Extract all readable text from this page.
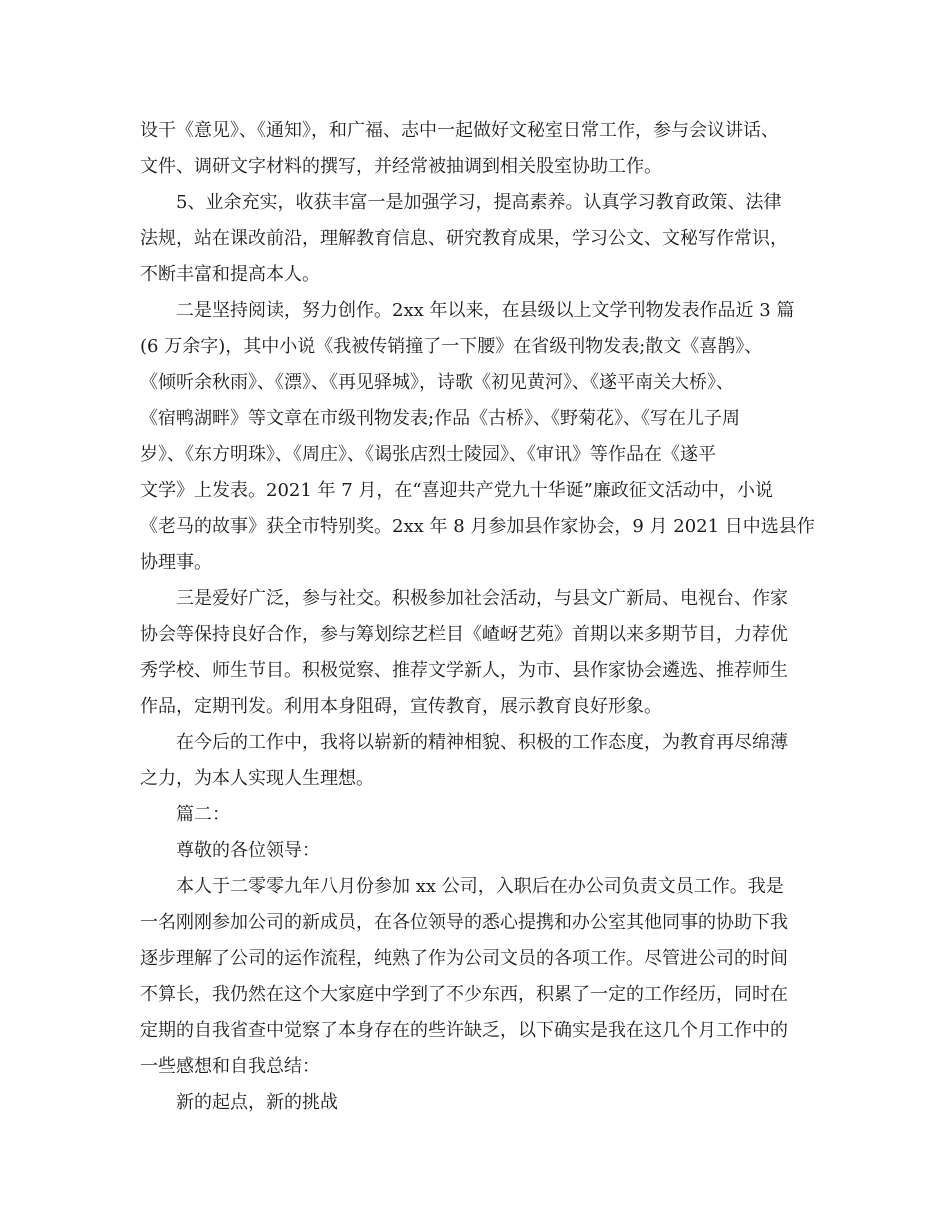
设干《意见》、《通知》，和广福、志中一起做好文秘室日常工作，参与会议讲话、

文件、调研文字材料的撰写，并经常被抽调到相关股室协助工作。

5、业余充实，收获丰富一是加强学习，提高素养。认真学习教育政策、法律

法规，站在课改前沿，理解教育信息、研究教育成果，学习公文、文秘写作常识，

不断丰富和提高本人。

二是坚持阅读，努力创作。2xx 年以来，在县级以上文学刊物发表作品近 3 篇

(6 万余字)，其中小说《我被传销撞了一下腰》在省级刊物发表;散文《喜鹊》、

《倾听余秋雨》、《漂》、《再见驿城》，诗歌《初见黄河》、《遂平南关大桥》、

《宿鸭湖畔》等文章在市级刊物发表;作品《古桥》、《野菊花》、《写在儿子周

岁》、《东方明珠》、《周庄》、《谒张店烈士陵园》、《审讯》等作品在《遂平

文学》上发表。2021 年 7 月，在“喜迎共产党九十华诞”廉政征文活动中，小说

《老马的故事》获全市特别奖。2xx 年 8 月参加县作家协会，9 月 2021 日中选县作

协理事。

三是爱好广泛，参与社交。积极参加社会活动，与县文广新局、电视台、作家

协会等保持良好合作，参与筹划综艺栏目《嵖岈艺苑》首期以来多期节目，力荐优

秀学校、师生节目。积极觉察、推荐文学新人，为市、县作家协会遴选、推荐师生

作品，定期刊发。利用本身阻碍，宣传教育，展示教育良好形象。

在今后的工作中，我将以崭新的精神相貌、积极的工作态度，为教育再尽绵薄

之力，为本人实现人生理想。

篇二：

尊敬的各位领导：

本人于二零零九年八月份参加 xx 公司，入职后在办公司负责文员工作。我是

一名刚刚参加公司的新成员，在各位领导的悉心提携和办公室其他同事的协助下我

逐步理解了公司的运作流程，纯熟了作为公司文员的各项工作。尽管进公司的时间

不算长，我仍然在这个大家庭中学到了不少东西，积累了一定的工作经历，同时在

定期的自我省查中觉察了本身存在的些许缺乏，以下确实是我在这几个月工作中的

一些感想和自我总结：

新的起点，新的挑战
